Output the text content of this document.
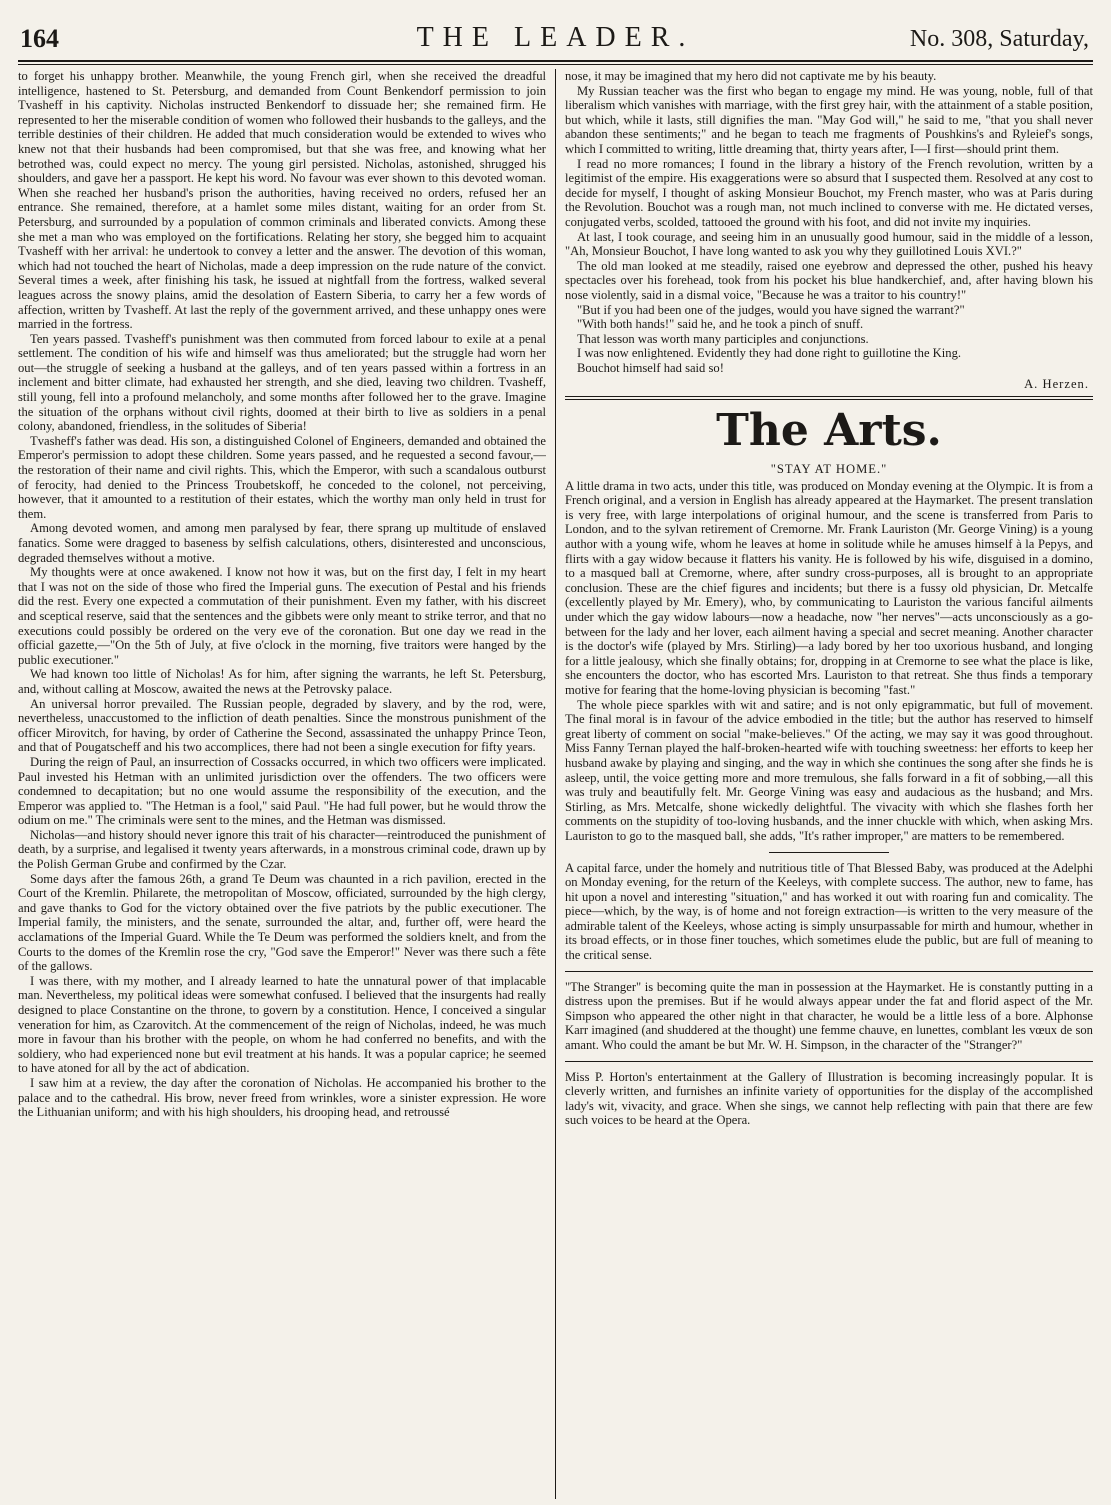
164	THE LEADER.	No. 308, Saturday,

to forget his unhappy brother. Meanwhile, the young French girl, when she received the dreadful intelligence, hastened to St. Petersburg, and demanded from Count Benkendorf permission to join Tvasheff in his captivity. Nicholas instructed Benkendorf to dissuade her; she remained firm. He represented to her the miserable condition of women who followed their husbands to the galleys, and the terrible destinies of their children. He added that much consideration would be extended to wives who knew not that their husbands had been compromised, but that she was free, and knowing what her betrothed was, could expect no mercy. The young girl persisted. Nicholas, astonished, shrugged his shoulders, and gave her a passport. He kept his word. No favour was ever shown to this devoted woman. When she reached her husband's prison the authorities, having received no orders, refused her an entrance. She remained, therefore, at a hamlet some miles distant, waiting for an order from St. Petersburg, and surrounded by a population of common criminals and liberated convicts. Among these she met a man who was employed on the fortifications. Relating her story, she begged him to acquaint Tvasheff with her arrival: he undertook to convey a letter and the answer. The devotion of this woman, which had not touched the heart of Nicholas, made a deep impression on the rude nature of the convict. Several times a week, after finishing his task, he issued at nightfall from the fortress, walked several leagues across the snowy plains, amid the desolation of Eastern Siberia, to carry her a few words of affection, written by Tvasheff. At last the reply of the government arrived, and these unhappy ones were married in the fortress.

Ten years passed. Tvasheff's punishment was then commuted from forced labour to exile at a penal settlement. The condition of his wife and himself was thus ameliorated; but the struggle had worn her out—the struggle of seeking a husband at the galleys, and of ten years passed within a fortress in an inclement and bitter climate, had exhausted her strength, and she died, leaving two children. Tvasheff, still young, fell into a profound melancholy, and some months after followed her to the grave. Imagine the situation of the orphans without civil rights, doomed at their birth to live as soldiers in a penal colony, abandoned, friendless, in the solitudes of Siberia!

Tvasheff's father was dead. His son, a distinguished Colonel of Engineers, demanded and obtained the Emperor's permission to adopt these children. Some years passed, and he requested a second favour,—the restoration of their name and civil rights. This, which the Emperor, with such a scandalous outburst of ferocity, had denied to the Princess Troubetskoff, he conceded to the colonel, not perceiving, however, that it amounted to a restitution of their estates, which the worthy man only held in trust for them.

Among devoted women, and among men paralysed by fear, there sprang up multitude of enslaved fanatics. Some were dragged to baseness by selfish calculations, others, disinterested and unconscious, degraded themselves without a motive.

My thoughts were at once awakened. I know not how it was, but on the first day, I felt in my heart that I was not on the side of those who fired the Imperial guns. The execution of Pestal and his friends did the rest. Every one expected a commutation of their punishment. Even my father, with his discreet and sceptical reserve, said that the sentences and the gibbets were only meant to strike terror, and that no executions could possibly be ordered on the very eve of the coronation. But one day we read in the official gazette,—"On the 5th of July, at five o'clock in the morning, five traitors were hanged by the public executioner."

We had known too little of Nicholas! As for him, after signing the warrants, he left St. Petersburg, and, without calling at Moscow, awaited the news at the Petrovsky palace.

An universal horror prevailed. The Russian people, degraded by slavery, and by the rod, were, nevertheless, unaccustomed to the infliction of death penalties. Since the monstrous punishment of the officer Mirovitch, for having, by order of Catherine the Second, assassinated the unhappy Prince Teon, and that of Pougatscheff and his two accomplices, there had not been a single execution for fifty years.

During the reign of Paul, an insurrection of Cossacks occurred, in which two officers were implicated. Paul invested his Hetman with an unlimited jurisdiction over the offenders. The two officers were condemned to decapitation; but no one would assume the responsibility of the execution, and the Emperor was applied to. "The Hetman is a fool," said Paul. "He had full power, but he would throw the odium on me." The criminals were sent to the mines, and the Hetman was dismissed.

Nicholas—and history should never ignore this trait of his character—reintroduced the punishment of death, by a surprise, and legalised it twenty years afterwards, in a monstrous criminal code, drawn up by the Polish German Grube and confirmed by the Czar.

Some days after the famous 26th, a grand Te Deum was chaunted in a rich pavilion, erected in the Court of the Kremlin. Philarete, the metropolitan of Moscow, officiated, surrounded by the high clergy, and gave thanks to God for the victory obtained over the five patriots by the public executioner. The Imperial family, the ministers, and the senate, surrounded the altar, and, further off, were heard the acclamations of the Imperial Guard. While the Te Deum was performed the soldiers knelt, and from the Courts to the domes of the Kremlin rose the cry, "God save the Emperor!" Never was there such a fête of the gallows.

I was there, with my mother, and I already learned to hate the unnatural power of that implacable man. Nevertheless, my political ideas were somewhat confused. I believed that the insurgents had really designed to place Constantine on the throne, to govern by a constitution. Hence, I conceived a singular veneration for him, as Czarovitch. At the commencement of the reign of Nicholas, indeed, he was much more in favour than his brother with the people, on whom he had conferred no benefits, and with the soldiery, who had experienced none but evil treatment at his hands. It was a popular caprice; he seemed to have atoned for all by the act of abdication.

I saw him at a review, the day after the coronation of Nicholas. He accompanied his brother to the palace and to the cathedral. His brow, never freed from wrinkles, wore a sinister expression. He wore the Lithuanian uniform; and with his high shoulders, his drooping head, and retroussé

nose, it may be imagined that my hero did not captivate me by his beauty.

My Russian teacher was the first who began to engage my mind. He was young, noble, full of that liberalism which vanishes with marriage, with the first grey hair, with the attainment of a stable position, but which, while it lasts, still dignifies the man. "May God will," he said to me, "that you shall never abandon these sentiments;" and he began to teach me fragments of Poushkins's and Ryleief's songs, which I committed to writing, little dreaming that, thirty years after, I—I first—should print them.

I read no more romances; I found in the library a history of the French revolution, written by a legitimist of the empire. His exaggerations were so absurd that I suspected them. Resolved at any cost to decide for myself, I thought of asking Monsieur Bouchot, my French master, who was at Paris during the Revolution. Bouchot was a rough man, not much inclined to converse with me. He dictated verses, conjugated verbs, scolded, tattooed the ground with his foot, and did not invite my inquiries.

At last, I took courage, and seeing him in an unusually good humour, said in the middle of a lesson, "Ah, Monsieur Bouchot, I have long wanted to ask you why they guillotined Louis XVI.?"

The old man looked at me steadily, raised one eyebrow and depressed the other, pushed his heavy spectacles over his forehead, took from his pocket his blue handkerchief, and, after having blown his nose violently, said in a dismal voice, "Because he was a traitor to his country!"

"But if you had been one of the judges, would you have signed the warrant?"

"With both hands!" said he, and he took a pinch of snuff.

That lesson was worth many participles and conjunctions.

I was now enlightened. Evidently they had done right to guillotine the King.

Bouchot himself had said so!

A. Herzen.
The Arts.
"STAY AT HOME."

A little drama in two acts, under this title, was produced on Monday evening at the Olympic. It is from a French original, and a version in English has already appeared at the Haymarket. The present translation is very free, with large interpolations of original humour, and the scene is transferred from Paris to London, and to the sylvan retirement of Cremorne. Mr. Frank Lauriston (Mr. George Vining) is a young author with a young wife, whom he leaves at home in solitude while he amuses himself à la Pepys, and flirts with a gay widow because it flatters his vanity. He is followed by his wife, disguised in a domino, to a masqued ball at Cremorne, where, after sundry cross-purposes, all is brought to an appropriate conclusion. These are the chief figures and incidents; but there is a fussy old physician, Dr. Metcalfe (excellently played by Mr. Emery), who, by communicating to Lauriston the various fanciful ailments under which the gay widow labours—now a headache, now "her nerves"—acts unconsciously as a go-between for the lady and her lover, each ailment having a special and secret meaning. Another character is the doctor's wife (played by Mrs. Stirling)—a lady bored by her too uxorious husband, and longing for a little jealousy, which she finally obtains; for, dropping in at Cremorne to see what the place is like, she encounters the doctor, who has escorted Mrs. Lauriston to that retreat. She thus finds a temporary motive for fearing that the home-loving physician is becoming "fast."

The whole piece sparkles with wit and satire; and is not only epigrammatic, but full of movement. The final moral is in favour of the advice embodied in the title; but the author has reserved to himself great liberty of comment on social "make-believes." Of the acting, we may say it was good throughout. Miss Fanny Ternan played the half-broken-hearted wife with touching sweetness: her efforts to keep her husband awake by playing and singing, and the way in which she continues the song after she finds he is asleep, until, the voice getting more and more tremulous, she falls forward in a fit of sobbing,—all this was truly and beautifully felt. Mr. George Vining was easy and audacious as the husband; and Mrs. Stirling, as Mrs. Metcalfe, shone wickedly delightful. The vivacity with which she flashes forth her comments on the stupidity of too-loving husbands, and the inner chuckle with which, when asking Mrs. Lauriston to go to the masqued ball, she adds, "It's rather improper," are matters to be remembered.

A capital farce, under the homely and nutritious title of That Blessed Baby, was produced at the Adelphi on Monday evening, for the return of the Keeleys, with complete success. The author, new to fame, has hit upon a novel and interesting "situation," and has worked it out with roaring fun and comicality. The piece—which, by the way, is of home and not foreign extraction—is written to the very measure of the admirable talent of the Keeleys, whose acting is simply unsurpassable for mirth and humour, whether in its broad effects, or in those finer touches, which sometimes elude the public, but are full of meaning to the critical sense.

"The Stranger" is becoming quite the man in possession at the Haymarket. He is constantly putting in a distress upon the premises. But if he would always appear under the fat and florid aspect of the Mr. Simpson who appeared the other night in that character, he would be a little less of a bore. Alphonse Karr imagined (and shuddered at the thought) une femme chauve, en lunettes, comblant les vœux de son amant. Who could the amant be but Mr. W. H. Simpson, in the character of the "Stranger?"

Miss P. Horton's entertainment at the Gallery of Illustration is becoming increasingly popular. It is cleverly written, and furnishes an infinite variety of opportunities for the display of the accomplished lady's wit, vivacity, and grace. When she sings, we cannot help reflecting with pain that there are few such voices to be heard at the Opera.
